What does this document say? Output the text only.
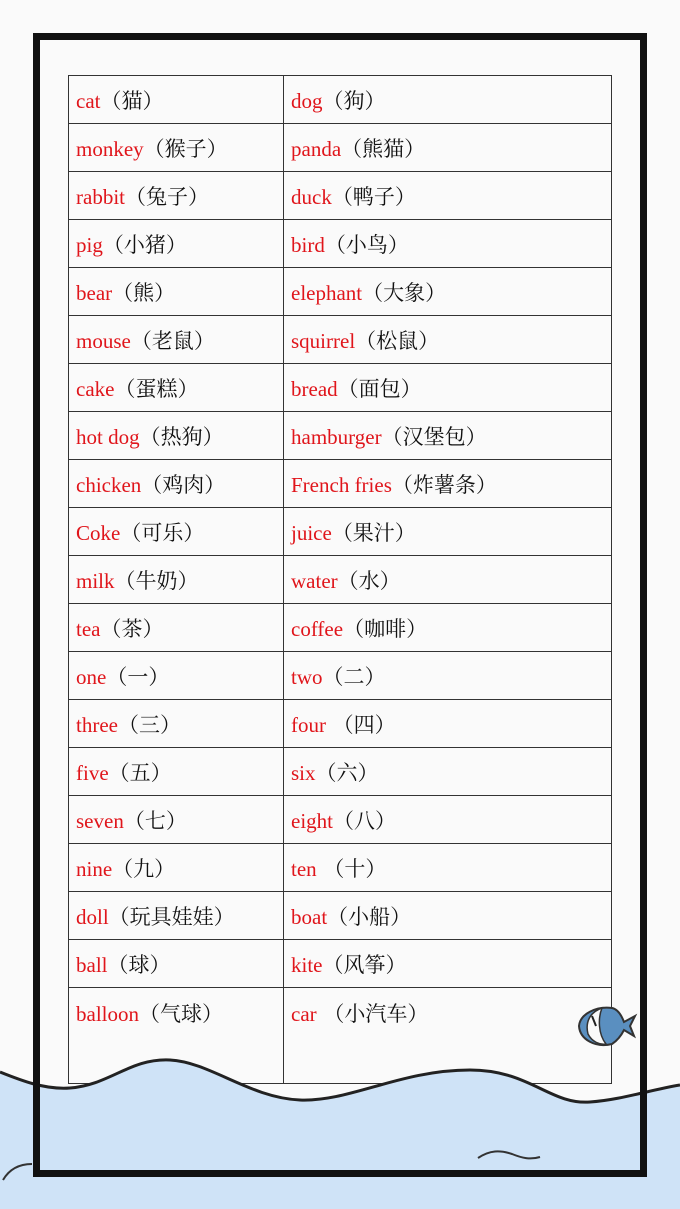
cat（猫）	dog（狗）
monkey（猴子）	panda（熊猫）
rabbit（兔子）	duck（鸭子）
pig（小猪）	bird（小鸟）
bear（熊）	elephant（大象）
mouse（老鼠）	squirrel（松鼠）
cake（蛋糕）	bread（面包）
hot dog（热狗）	hamburger（汉堡包）
chicken（鸡肉）	French fries（炸薯条）
Coke（可乐）	juice（果汁）
milk（牛奶）	water（水）
tea（茶）	coffee（咖啡）
one（一）	two（二）
three（三）	four （四）
five（五）	six（六）
seven（七）	eight（八）
nine（九）	ten （十）
doll（玩具娃娃）	boat（小船）
ball（球）	kite（风筝）
balloon（气球）	car （小汽车）
